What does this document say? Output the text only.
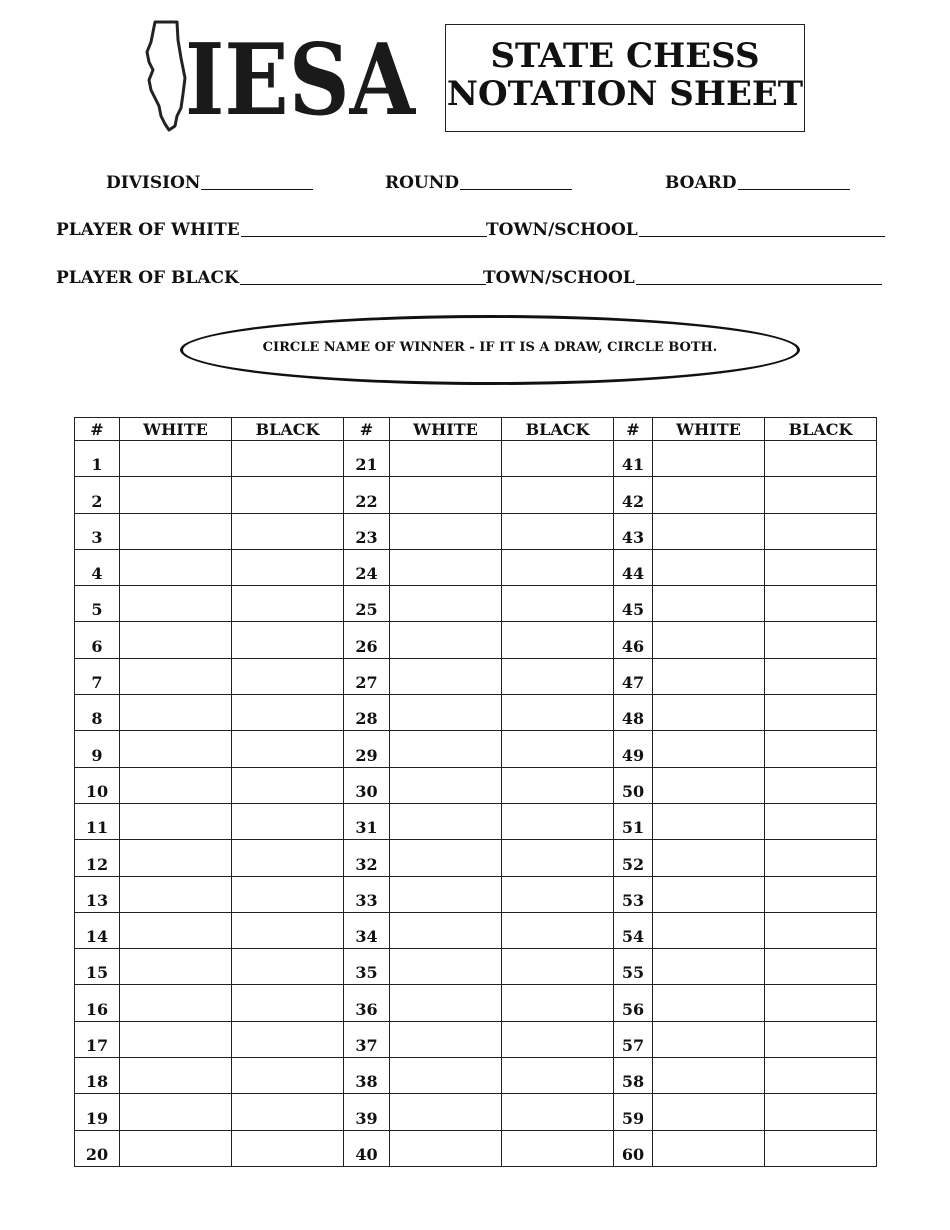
IESA	STATE CHESS
NOTATION SHEET
DIVISION	ROUND	BOARD
PLAYER OF WHITE	TOWN/SCHOOL
PLAYER OF BLACK	TOWN/SCHOOL
CIRCLE NAME OF WINNER - IF IT IS A DRAW, CIRCLE BOTH.
#	WHITE	BLACK	#	WHITE	BLACK	#	WHITE	BLACK
1			21			41		
2			22			42		
3			23			43		
4			24			44		
5			25			45		
6			26			46		
7			27			47		
8			28			48		
9			29			49		
10			30			50		
11			31			51		
12			32			52		
13			33			53		
14			34			54		
15			35			55		
16			36			56		
17			37			57		
18			38			58		
19			39			59		
20			40			60		
